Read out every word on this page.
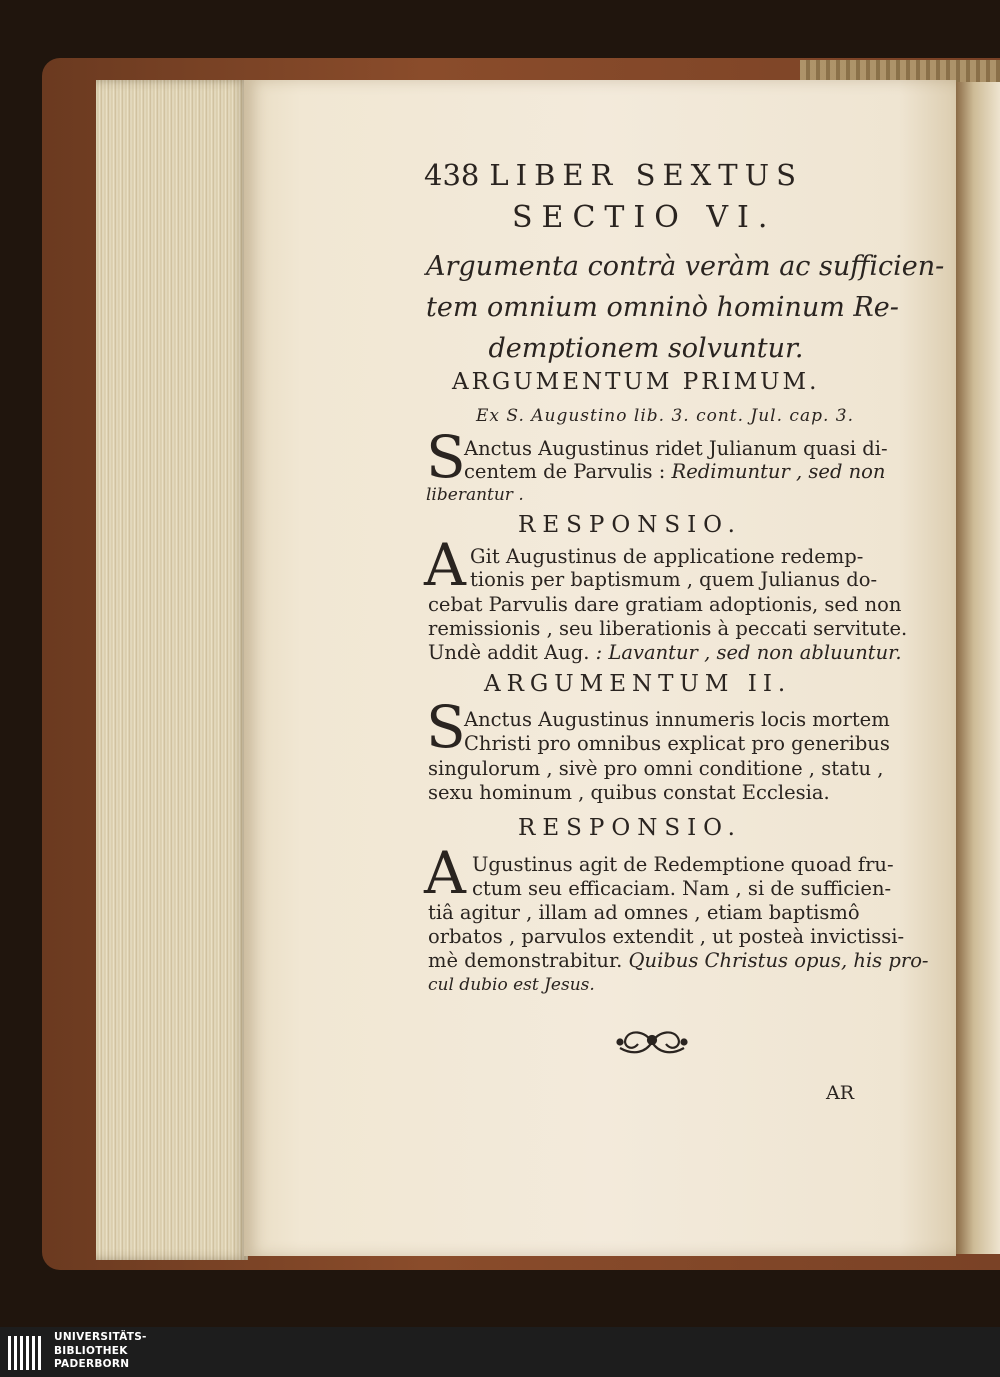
438 LIBER SEXTUS
SECTIO VI.
Argumenta contrà veràm ac sufficien-
tem omnium omninò hominum Re-
demptionem solvuntur.
ARGUMENTUM PRIMUM.
Ex S. Augustino lib. 3. cont. Jul. cap. 3.
S
Anctus Augustinus ridet Julianum quasi di-
centem de Parvulis : Redimuntur , sed non
liberantur .
RESPONSIO.
A Git Augustinus de applicatione redemp-
tionis per baptismum , quem Julianus do-
cebat Parvulis dare gratiam adoptionis, sed non
remissionis , seu liberationis à peccati servitute.
Undè addit Aug. : Lavantur , sed non abluuntur.
ARGUMENTUM II.
S
Anctus Augustinus innumeris locis mortem
Christi pro omnibus explicat pro generibus
singulorum , sivè pro omni conditione , statu ,
sexu hominum , quibus constat Ecclesia.
RESPONSIO.
A Ugustinus agit de Redemptione quoad fru-
ctum seu efficaciam. Nam , si de sufficien-
tiâ agitur , illam ad omnes , etiam baptismô
orbatos , parvulos extendit , ut posteà invictissi-
mè demonstrabitur. Quibus Christus opus, his pro-
cul dubio est Jesus.
AR
UNIVERSITÄTS-
BIBLIOTHEK
PADERBORN
